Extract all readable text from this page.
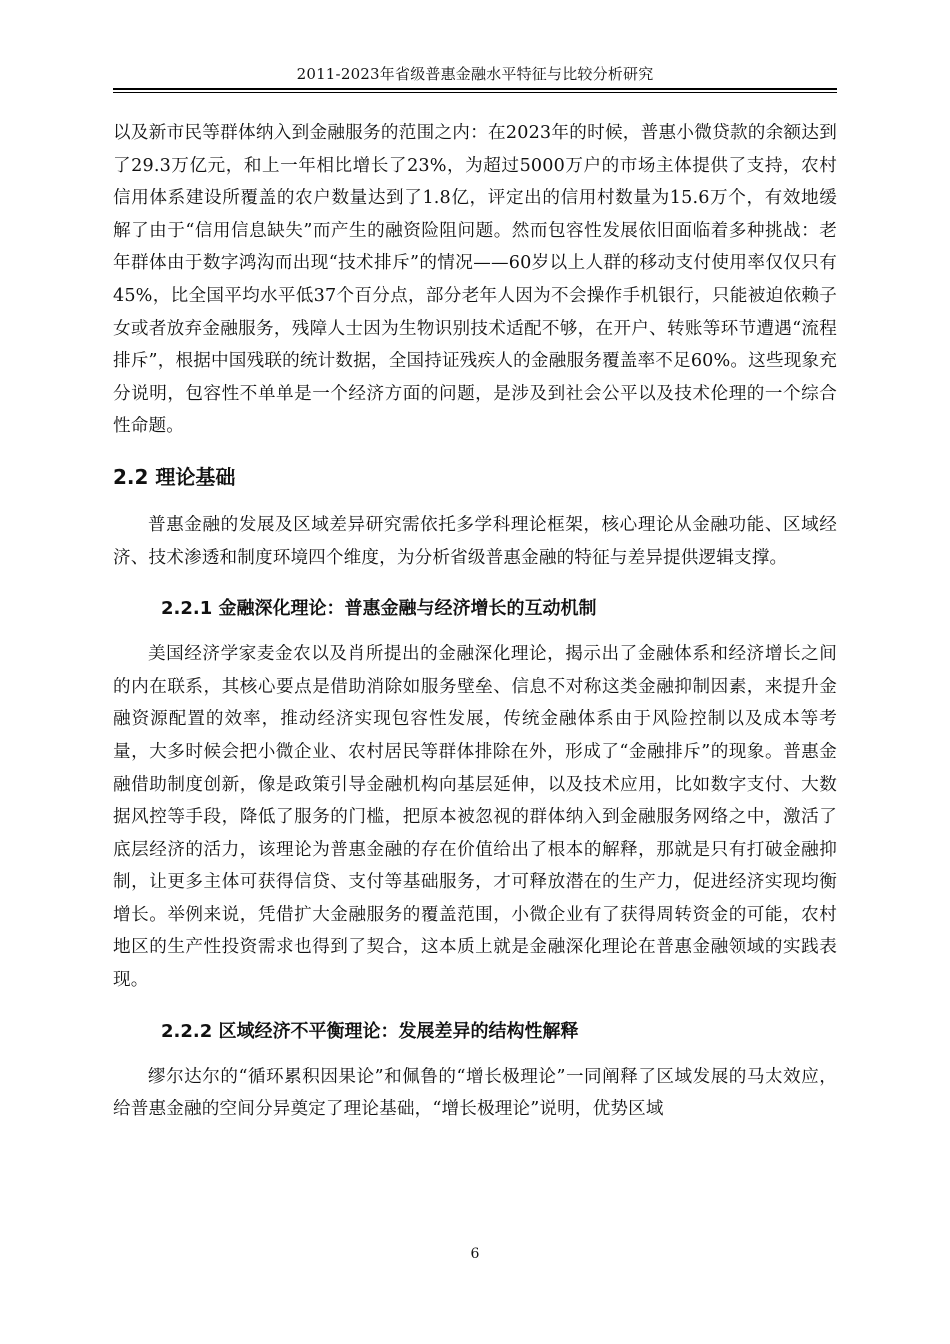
2011-2023年省级普惠金融水平特征与比较分析研究

以及新市民等群体纳入到金融服务的范围之内：在2023年的时候，普惠小微贷款的余额达到了29.3万亿元，和上一年相比增长了23%，为超过5000万户的市场主体提供了支持，农村信用体系建设所覆盖的农户数量达到了1.8亿，评定出的信用村数量为15.6万个，有效地缓解了由于“信用信息缺失”而产生的融资险阻问题。然而包容性发展依旧面临着多种挑战：老年群体由于数字鸿沟而出现“技术排斥”的情况——60岁以上人群的移动支付使用率仅仅只有45%，比全国平均水平低37个百分点，部分老年人因为不会操作手机银行，只能被迫依赖子女或者放弃金融服务，残障人士因为生物识别技术适配不够，在开户、转账等环节遭遇“流程排斥”，根据中国残联的统计数据，全国持证残疾人的金融服务覆盖率不足60%。这些现象充分说明，包容性不单单是一个经济方面的问题，是涉及到社会公平以及技术伦理的一个综合性命题。

2.2 理论基础

普惠金融的发展及区域差异研究需依托多学科理论框架，核心理论从金融功能、区域经济、技术渗透和制度环境四个维度，为分析省级普惠金融的特征与差异提供逻辑支撑。

2.2.1 金融深化理论：普惠金融与经济增长的互动机制

美国经济学家麦金农以及肖所提出的金融深化理论，揭示出了金融体系和经济增长之间的内在联系，其核心要点是借助消除如服务壁垒、信息不对称这类金融抑制因素，来提升金融资源配置的效率，推动经济实现包容性发展，传统金融体系由于风险控制以及成本等考量，大多时候会把小微企业、农村居民等群体排除在外，形成了“金融排斥”的现象。普惠金融借助制度创新，像是政策引导金融机构向基层延伸，以及技术应用，比如数字支付、大数据风控等手段，降低了服务的门槛，把原本被忽视的群体纳入到金融服务网络之中，激活了底层经济的活力，该理论为普惠金融的存在价值给出了根本的解释，那就是只有打破金融抑制，让更多主体可获得信贷、支付等基础服务，才可释放潜在的生产力，促进经济实现均衡增长。举例来说，凭借扩大金融服务的覆盖范围，小微企业有了获得周转资金的可能，农村地区的生产性投资需求也得到了契合，这本质上就是金融深化理论在普惠金融领域的实践表现。

2.2.2 区域经济不平衡理论：发展差异的结构性解释

缪尔达尔的“循环累积因果论”和佩鲁的“增长极理论”一同阐释了区域发展的马太效应，给普惠金融的空间分异奠定了理论基础，“增长极理论”说明，优势区域

6
